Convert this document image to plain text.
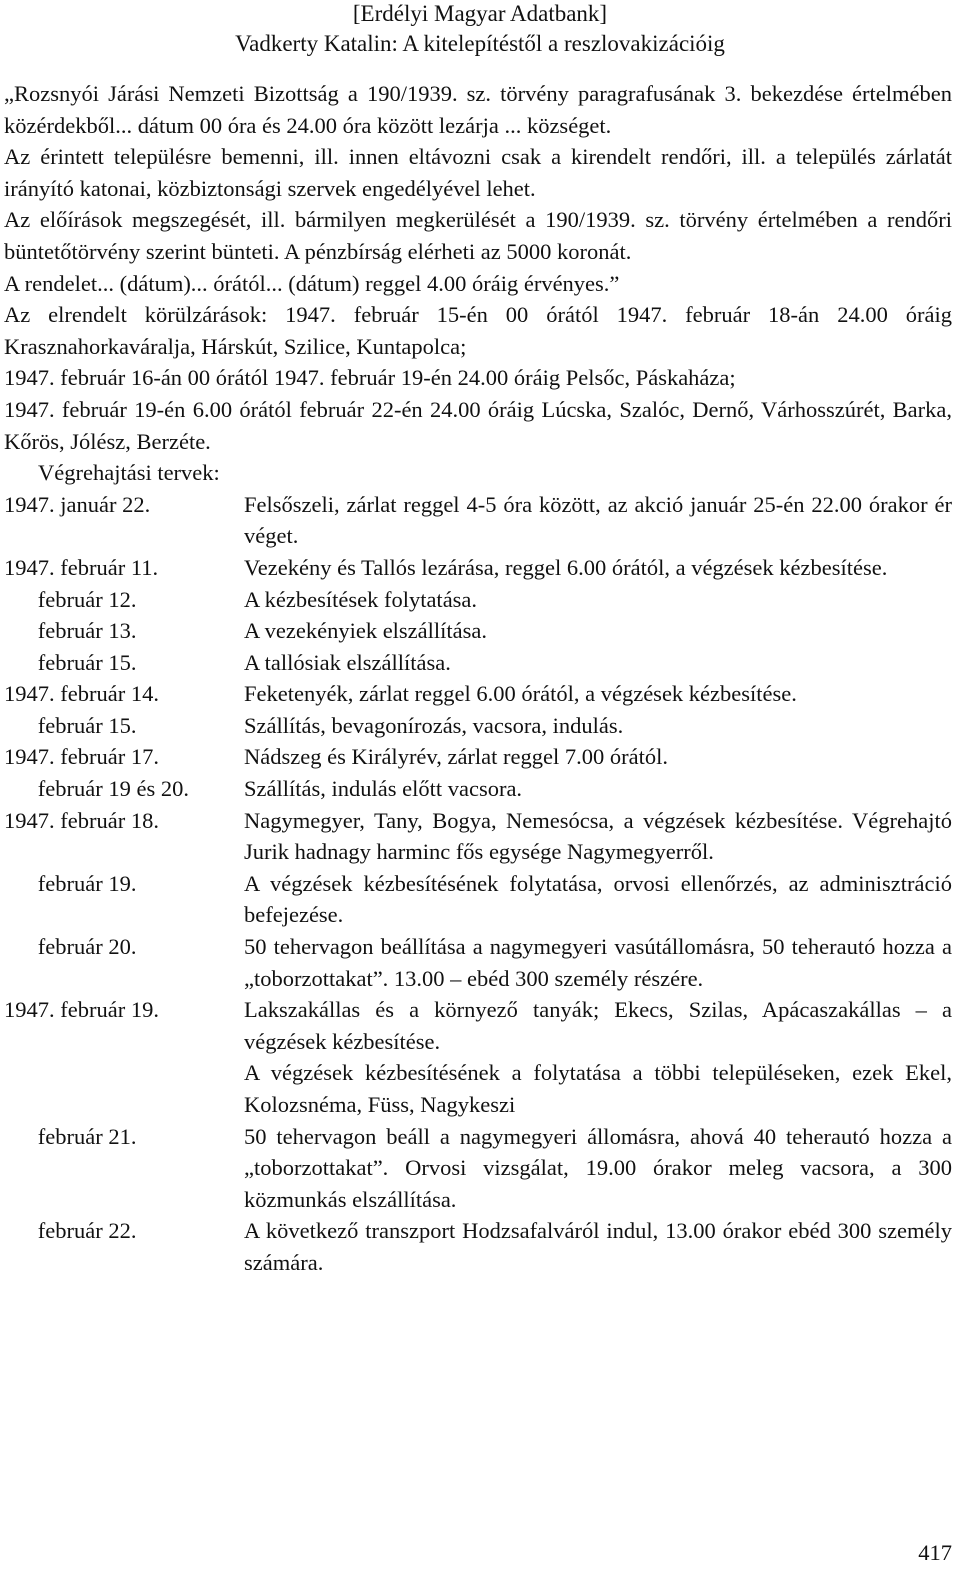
[Erdélyi Magyar Adatbank]
Vadkerty Katalin: A kitelepítéstől a reszlovakizációig
„Rozsnyói Járási Nemzeti Bizottság a 190/1939. sz. törvény paragrafusának 3. bekezdése értelmében közérdekből... dátum 00 óra és 24.00 óra között lezárja ... községet.
Az érintett településre bemenni, ill. innen eltávozni csak a kirendelt rendőri, ill. a település zárlatát irányító katonai, közbiztonsági szervek engedélyével lehet.
Az előírások megszegését, ill. bármilyen megkerülését a 190/1939. sz. törvény értelmében a rendőri büntetőtörvény szerint bünteti. A pénzbírság elérheti az 5000 koronát.
A rendelet... (dátum)... órától... (dátum) reggel 4.00 óráig érvényes.”
Az elrendelt körülzárások: 1947. február 15-én 00 órától 1947. február 18-án 24.00 óráig Krasznahorkaváralja, Hárskút, Szilice, Kuntapolca;
1947. február 16-án 00 órától 1947. február 19-én 24.00 óráig Pelsőc, Páskaháza;
1947. február 19-én 6.00 órától február 22-én 24.00 óráig Lúcska, Szalóc, Dernő, Várhosszúrét, Barka, Kőrös, Jólész, Berzéte.
Végrehajtási tervek:
1947. január 22.	Felsőszeli, zárlat reggel 4-5 óra között, az akció január 25-én 22.00 órakor ér véget.
1947. február 11.	Vezekény és Tallós lezárása, reggel 6.00 órától, a végzések kézbesítése.
február 12.	A kézbesítések folytatása.
február 13.	A vezekényiek elszállítása.
február 15.	A tallósiak elszállítása.
1947. február 14.	Feketenyék, zárlat reggel 6.00 órától, a végzések kézbesítése.
február 15.	Szállítás, bevagonírozás, vacsora, indulás.
1947. február 17.	Nádszeg és Királyrév, zárlat reggel 7.00 órától.
február 19 és 20.	Szállítás, indulás előtt vacsora.
1947. február 18.	Nagymegyer, Tany, Bogya, Nemesócsa, a végzések kézbesítése. Végrehajtó Jurik hadnagy harminc fős egysége Nagymegyerről.
február 19.	A végzések kézbesítésének folytatása, orvosi ellenőrzés, az adminisztráció befejezése.
február 20.	50 tehervagon beállítása a nagymegyeri vasútállomásra, 50 teherautó hozza a „toborzottakat”. 13.00 – ebéd 300 személy részére.
1947. február 19.	Lakszakállas és a környező tanyák; Ekecs, Szilas, Apácaszakállas – a végzések kézbesítése.
A végzések kézbesítésének a folytatása a többi településeken, ezek Ekel, Kolozsnéma, Füss, Nagykeszi
február 21.	50 tehervagon beáll a nagymegyeri állomásra, ahová 40 teherautó hozza a „toborzottakat”. Orvosi vizsgálat, 19.00 órakor meleg vacsora, a 300 közmunkás elszállítása.
február 22.	A következő transzport Hodzsafalváról indul, 13.00 órakor ebéd 300 személy számára.
417
